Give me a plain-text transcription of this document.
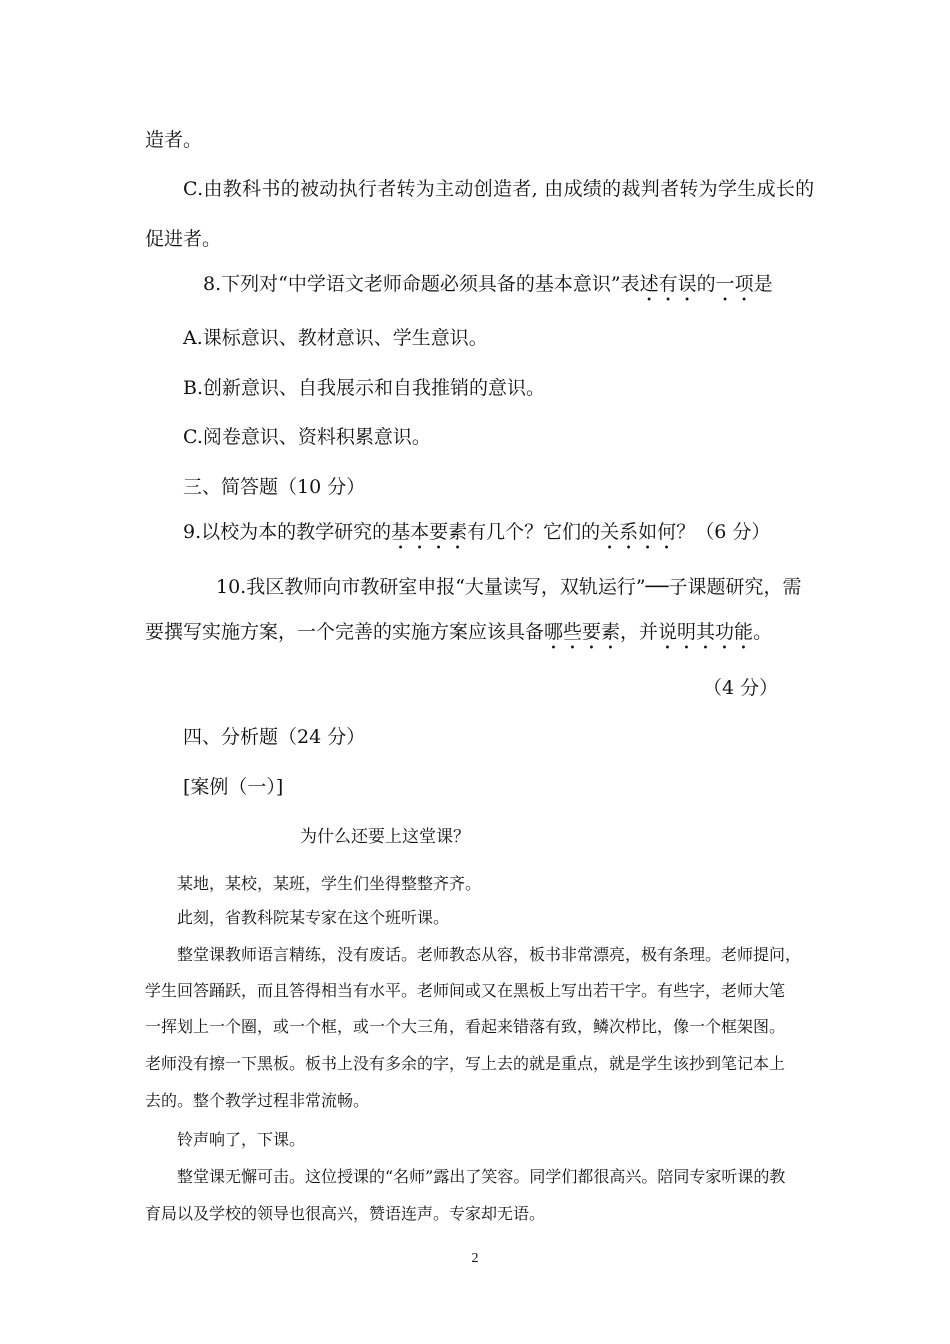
造者。
C.由教科书的被动执行者转为主动创造者, 由成绩的裁判者转为学生成长的
促进者。
8.下列对“中学语文老师命题必须具备的基本意识”表述有误的一项是
A.课标意识、教材意识、学生意识。
B.创新意识、自我展示和自我推销的意识。
C.阅卷意识、资料积累意识。
三、简答题（10 分）
9.以校为本的教学研究的基本要素有几个？它们的关系如何？（6 分）
10.我区教师向市教研室申报“大量读写，双轨运行”──子课题研究，需
要撰写实施方案，一个完善的实施方案应该具备哪些要素，并说明其功能。
（4 分）
四、分析题（24 分）
[案例（一）]
为什么还要上这堂课？
某地，某校，某班，学生们坐得整整齐齐。
此刻，省教科院某专家在这个班听课。
整堂课教师语言精练，没有废话。老师教态从容，板书非常漂亮，极有条理。老师提问，
学生回答踊跃，而且答得相当有水平。老师间或又在黑板上写出若干字。有些字，老师大笔
一挥划上一个圈，或一个框，或一个大三角，看起来错落有致，鳞次栉比，像一个框架图。
老师没有擦一下黑板。板书上没有多余的字，写上去的就是重点，就是学生该抄到笔记本上
去的。整个教学过程非常流畅。
铃声响了，下课。
整堂课无懈可击。这位授课的“名师”露出了笑容。同学们都很高兴。陪同专家听课的教
育局以及学校的领导也很高兴，赞语连声。专家却无语。
2
